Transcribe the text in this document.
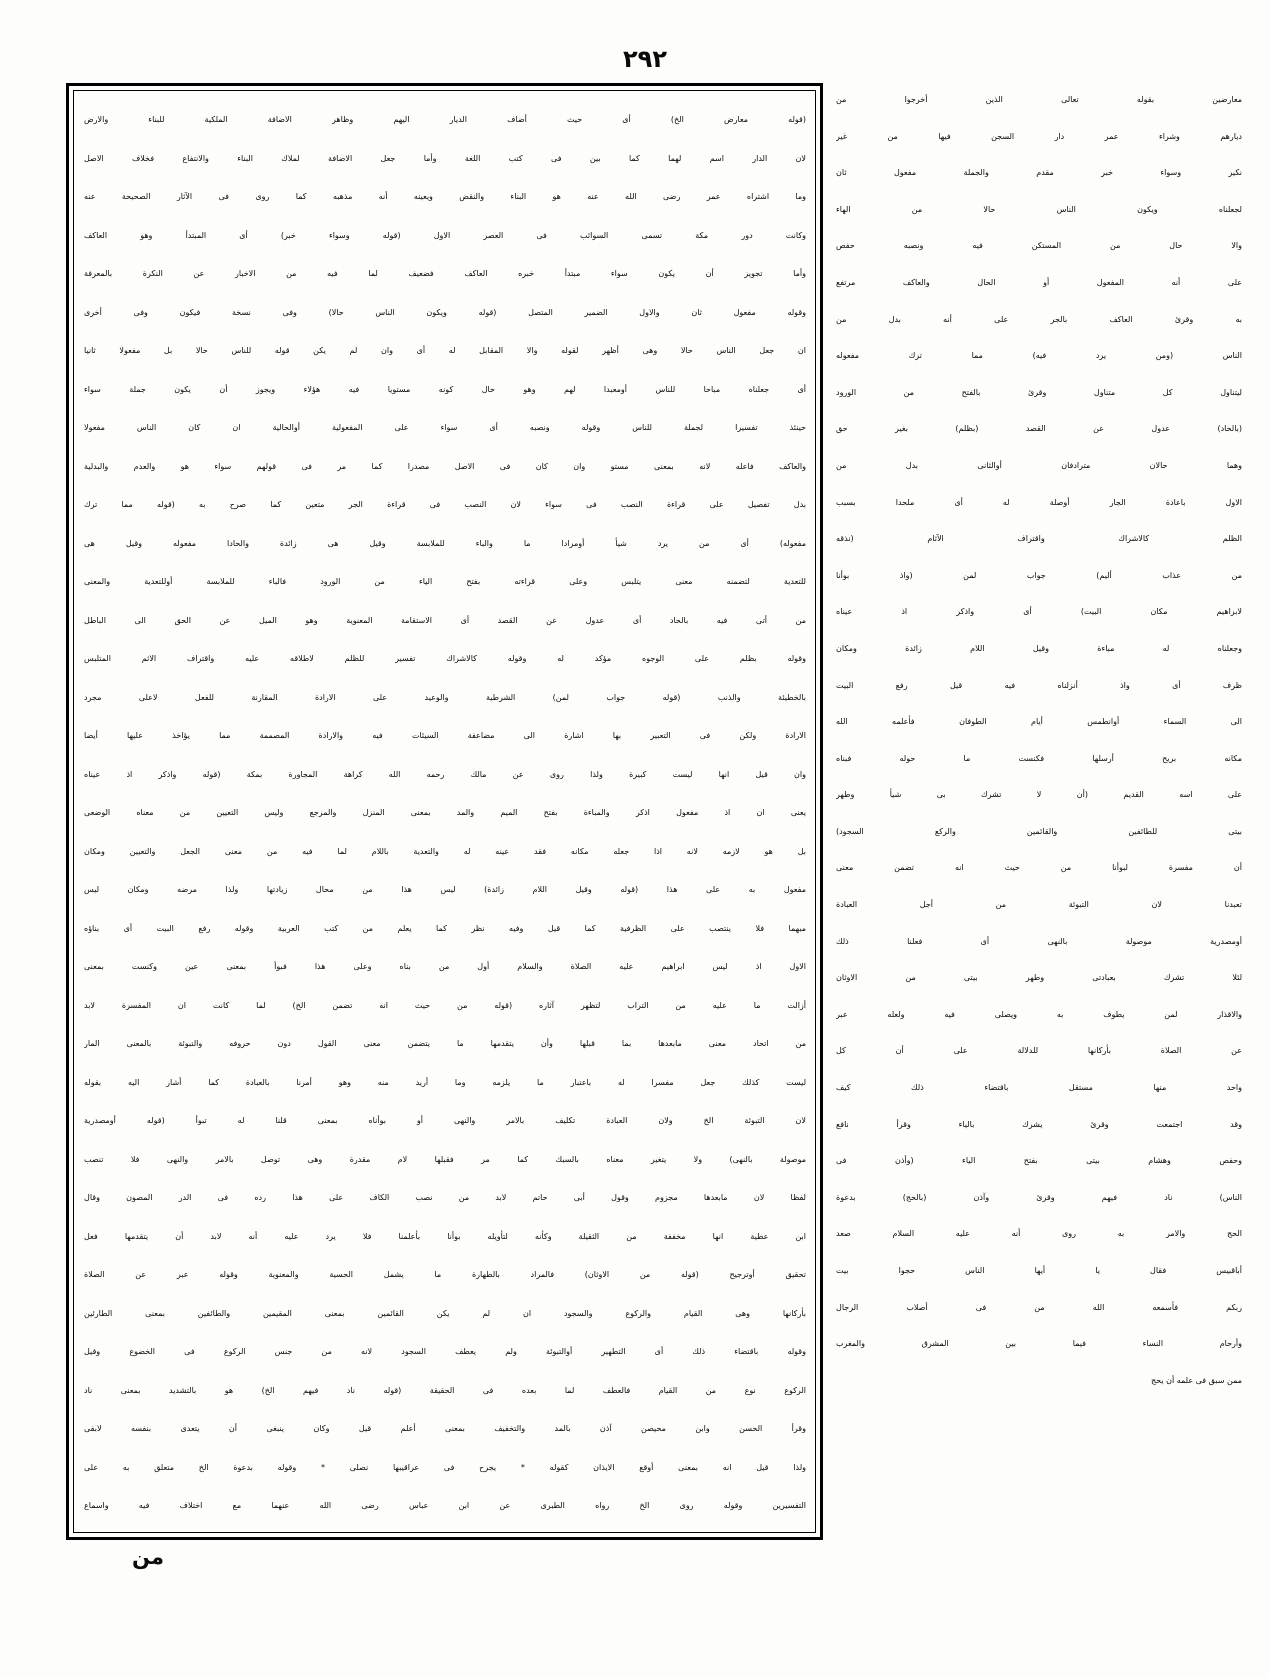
٢٩٢
(قوله معارض الخ) أى حيث أضاف الديار اليهم وظاهر الاضافة الملكية للبناء والارض
لان الدار اسم لهما كما بين فى كتب اللغة وأما جعل الاضافة لملاك البناء والانتفاع فخلاف الاصل
وما اشتراه عمر رضى الله عنه هو البناء والنقض ويعينه أنه مذهبه كما روى فى الآثار الصحيحة عنه
وكانت دور مكة تسمى السوائب فى العصر الاول (قوله وسواء خبر) أى المبتدأ وهو العاكف
وأما تجويز أن يكون سواء مبتدأ خبره العاكف فضعيف لما فيه من الاخبار عن النكرة بالمعرفة
وقوله مفعول ثان والاول الضمير المتصل (قوله ويكون الناس حالا) وفى نسخة فيكون وفى أخرى
ان جعل الناس حالا وهى أظهر لقوله والا المقابل له أى وان لم يكن قوله للناس حالا بل مفعولا ثانيا
أى جعلناه مباحا للناس أومعبدا لهم وهو حال كونه مستويا فيه هؤلاء ويجوز أن يكون جملة سواء
حينئذ تفسيرا لجملة للناس وقوله ونصبه أى سواء على المفعولية أوالحالية ان كان الناس مفعولا
والعاكف فاعله لانه بمعنى مستو وان كان فى الاصل مصدرا كما مر فى قولهم سواء هو والعدم والبدلية
بدل تفصيل على قراءة النصب فى سواء لان النصب فى قراءة الجر متعين كما صرح به (قوله مما ترك
مفعوله) أى من يرد شيأ أومرادا ما والباء للملابسة وقيل هى زائدة والحادا مفعوله وقيل هى
للتعدية لتضمنه معنى يتلبس وعلى قراءته بفتح الياء من الورود فالباء للملابسة أوللتعدية والمعنى
من أتى فيه بالحاد أى عدول عن القصد أى الاستقامة المعنوية وهو الميل عن الحق الى الباطل
وقوله بظلم على الوجوه مؤكد له وقوله كالاشراك تفسير للظلم لاطلاقه عليه واقتراف الاثم المتلبس
بالخطيئة والذنب (قوله جواب لمن) الشرطية والوعيد على الارادة المقارنة للفعل لاعلى مجرد
الارادة ولكن فى التعبير بها اشارة الى مضاعفة السيئات فيه والارادة المصممة مما يؤاخذ عليها أيضا
وان قيل انها ليست كبيرة ولذا روى عن مالك رحمه الله كراهة المجاورة بمكة (قوله واذكر اذ عيناه
يعنى ان اذ مفعول اذكر والمباءة بفتح الميم والمد بمعنى المنزل والمرجع وليس التعيين من معناه الوضعى
بل هو لازمه لانه اذا جعله مكانه فقد عينه له والتعدية باللام لما فيه من معنى الجعل والتعيين ومكان
مفعول به على هذا (قوله وقيل اللام زائدة) ليس هذا من محال زيادتها ولذا مرضه ومكان ليس
مبهما فلا ينتصب على الظرفية كما قيل وفيه نظر كما يعلم من كتب العربية وقوله رفع البيت أى بناؤه
الاول اذ ليس ابراهيم عليه الصلاة والسلام أول من بناه وعلى هذا فبوأ بمعنى عين وكنست بمعنى
أزالت ما عليه من التراب لتظهر آثاره (قوله من حيث انه تضمن الخ) لما كانت ان المفسرة لابد
من اتحاد معنى مابعدها بما قبلها وأن يتقدمها ما يتضمن معنى القول دون حروفه والتبوئة بالمعنى المار
ليست كذلك جعل مفسرا له باعتبار ما يلزمه وما أريد منه وهو أمرنا بالعبادة كما أشار اليه بقوله
لان التبوئة الخ ولان العبادة تكليف بالامر والنهى أو بوأناه بمعنى قلنا له تبوأ (قوله أومصدرية
موصولة بالنهى) ولا يتغير معناه بالسبك كما مر فقبلها لام مقدرة وهى توصل بالامر والنهى فلا تنصب
لفظا لان مابعدها مجزوم وقول أبى حاتم لابد من نصب الكاف على هذا رده فى الدر المصون وقال
ابن عطية انها مخففة من الثقيلة وكأنه لتأويله بوأنا بأعلمنا فلا يرد عليه أنه لابد أن يتقدمها فعل
تحقيق أوترجيح (قوله من الاوثان) فالمراد بالطهارة ما يشمل الحسية والمعنوية وقوله عبر عن الصلاة
بأركانها وهى القيام والركوع والسجود ان لم يكن القائمين بمعنى المقيمين والطائفين بمعنى الطارئين
وقوله باقتضاء ذلك أى التطهير أوالتبوئة ولم يعطف السجود لانه من جنس الركوع فى الخضوع وقيل
الركوع نوع من القيام فالعطف لما بعده فى الحقيقة (قوله ناد فيهم الخ) هو بالتشديد بمعنى ناد
وقرأ الحسن وابن محيصن آذن بالمد والتخفيف بمعنى أعلم قيل وكان ينبغى أن يتعدى بنفسه لابفى
ولذا قيل انه بمعنى أوقع الايذان كقوله * يجرح فى عراقيبها نصلى * وقوله بدعوة الخ متعلق به على
التفسيرين وقوله روى الخ رواه الطبرى عن ابن عباس رضى الله عنهما مع اختلاف فيه واسماع
معارضين بقوله تعالى الذين أخرجوا من
ديارهم وشراء عمر دار السجن فيها من غير
نكير وسواء خبر مقدم والجملة مفعول ثان
لجعلناه ويكون الناس حالا من الهاء
والا حال من المستكن فيه ونصبه حفص
على أنه المفعول أو الحال والعاكف مرتفع
به وقرئ العاكف بالجر على أنه بدل من
الناس (ومن يرد فيه) مما ترك مفعوله
ليتناول كل متناول وقرئ بالفتح من الورود
(بالحاد) عدول عن القصد (بظلم) بغير حق
وهما حالان مترادفان أوالثانى بدل من
الاول باعادة الجار أوصلة له أى ملحدا بسبب
الظلم كالاشراك واقتراف الآثام (نذقه
من عذاب أليم) جواب لمن (واذ بوأنا
لابراهيم مكان البيت) أى واذكر اذ عيناه
وجعلناه له مباءة وقيل اللام زائدة ومكان
ظرف أى واذ أنزلناه فيه قيل رفع البيت
الى السماء أوانطمس أيام الطوفان فأعلمه الله
مكانه بريح أرسلها فكنست ما حوله فبناه
على اسه القديم (أن لا تشرك بى شيأ وطهر
بيتى للطائفين والقائمين والركع السجود)
أن مفسرة لبوأنا من حيث انه تضمن معنى
تعبدنا لان التبوئة من أجل العبادة
أومصدرية موصولة بالنهى أى فعلنا ذلك
لئلا تشرك بعبادتى وطهر بيتى من الاوثان
والاقذار لمن يطوف به ويصلى فيه ولعله عبر
عن الصلاة بأركانها للدلالة على أن كل
واحد منها مستقل باقتضاء ذلك كيف
وقد اجتمعت وقرئ يشرك بالياء وقرأ نافع
وحفص وهشام بيتى بفتح الياء (وأذن فى
الناس) ناد فيهم وقرئ وآذن (بالحج) بدعوة
الحج والامر به روى أنه عليه السلام صعد
أباقبيس فقال يا أيها الناس حجوا بيت
ربكم فأسمعه الله من فى أصلاب الرجال
وأرحام النساء فيما بين المشرق والمغرب
ممن سبق فى علمه أن يحج
من
